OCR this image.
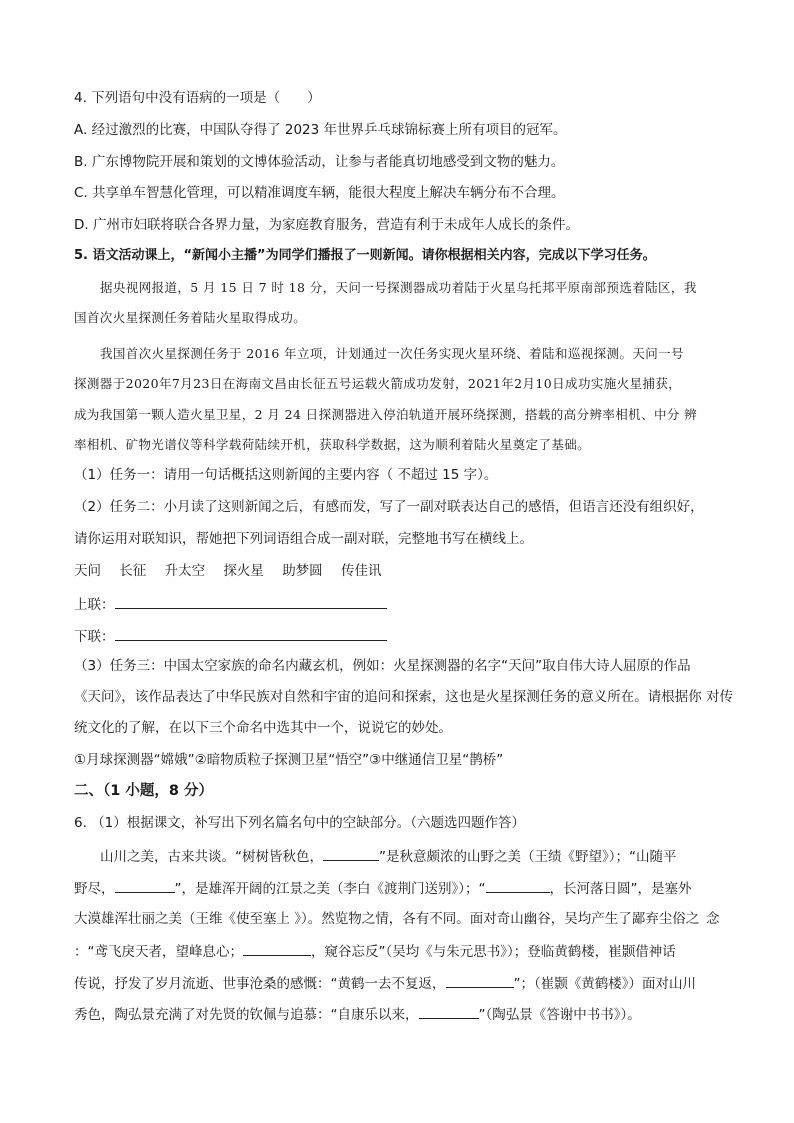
4. 下列语句中没有语病的一项是（　　）
A. 经过激烈的比赛，中国队夺得了 2023 年世界乒乓球锦标赛上所有项目的冠军。
B. 广东博物院开展和策划的文博体验活动，让参与者能真切地感受到文物的魅力。
C. 共享单车智慧化管理，可以精准调度车辆，能很大程度上解决车辆分布不合理。
D. 广州市妇联将联合各界力量，为家庭教育服务，营造有利于未成年人成长的条件。
5. 语文活动课上，“新闻小主播”为同学们播报了一则新闻。请你根据相关内容，完成以下学习任务。
据央视网报道，5 月 15 日 7 时 18 分，天问一号探测器成功着陆于火星乌托邦平原南部预选着陆区，我
国首次火星探测任务着陆火星取得成功。
我国首次火星探测任务于 2016 年立项，计划通过一次任务实现火星环绕、着陆和巡视探测。天问一号
探测器于2020年7月23日在海南文昌由长征五号运载火箭成功发射，2021年2月10日成功实施火星捕获，
成为我国第一颗人造火星卫星，2 月 24 日探测器进入停泊轨道开展环绕探测，搭载的高分辨率相机、中分 辨
率相机、矿物光谱仪等科学载荷陆续开机，获取科学数据，这为顺利着陆火星奠定了基础。
（1）任务一：请用一句话概括这则新闻的主要内容（ 不超过 15 字）。
（2）任务二：小月读了这则新闻之后，有感而发，写了一副对联表达自己的感悟，但语言还没有组织好，
请你运用对联知识，帮她把下列词语组合成一副对联，完整地书写在横线上。
天问 长征 升太空 探火星 助梦圆 传佳讯
上联：
下联：
（3）任务三：中国太空家族的命名内藏玄机，例如：火星探测器的名字“天问”取自伟大诗人屈原的作品
《天问》，该作品表达了中华民族对自然和宇宙的追问和探索，这也是火星探测任务的意义所在。请根据你 对传
统文化的了解，在以下三个命名中选其中一个，说说它的妙处。
①月球探测器“嫦娥”②暗物质粒子探测卫星“悟空”③中继通信卫星“鹊桥”
二、（1 小题，8 分）
6. （1）根据课文，补写出下列名篇名句中的空缺部分。（六题选四题作答）
山川之美，古来共谈。“树树皆秋色，	”是秋意颇浓的山野之美（王绩《野望》）；“山随平
野尽，	”，是雄浑开阔的江景之美（李白《渡荆门送别》）；“	，长河落日圆”，是塞外
大漠雄浑壮丽之美（王维《使至塞上 》）。然览物之情，各有不同。面对奇山幽谷，吴均产生了鄙弃尘俗之 念
：“鸢飞戾天者，望峰息心；	，窥谷忘反”（吴均《与朱元思书》）；登临黄鹤楼，崔颢借神话
传说，抒发了岁月流逝、世事沧桑的感慨：“黄鹤一去不复返，	”；（崔颢《黄鹤楼》）面对山川
秀色，陶弘景充满了对先贤的钦佩与追慕：“自康乐以来，	”（陶弘景《答谢中书书》）。
